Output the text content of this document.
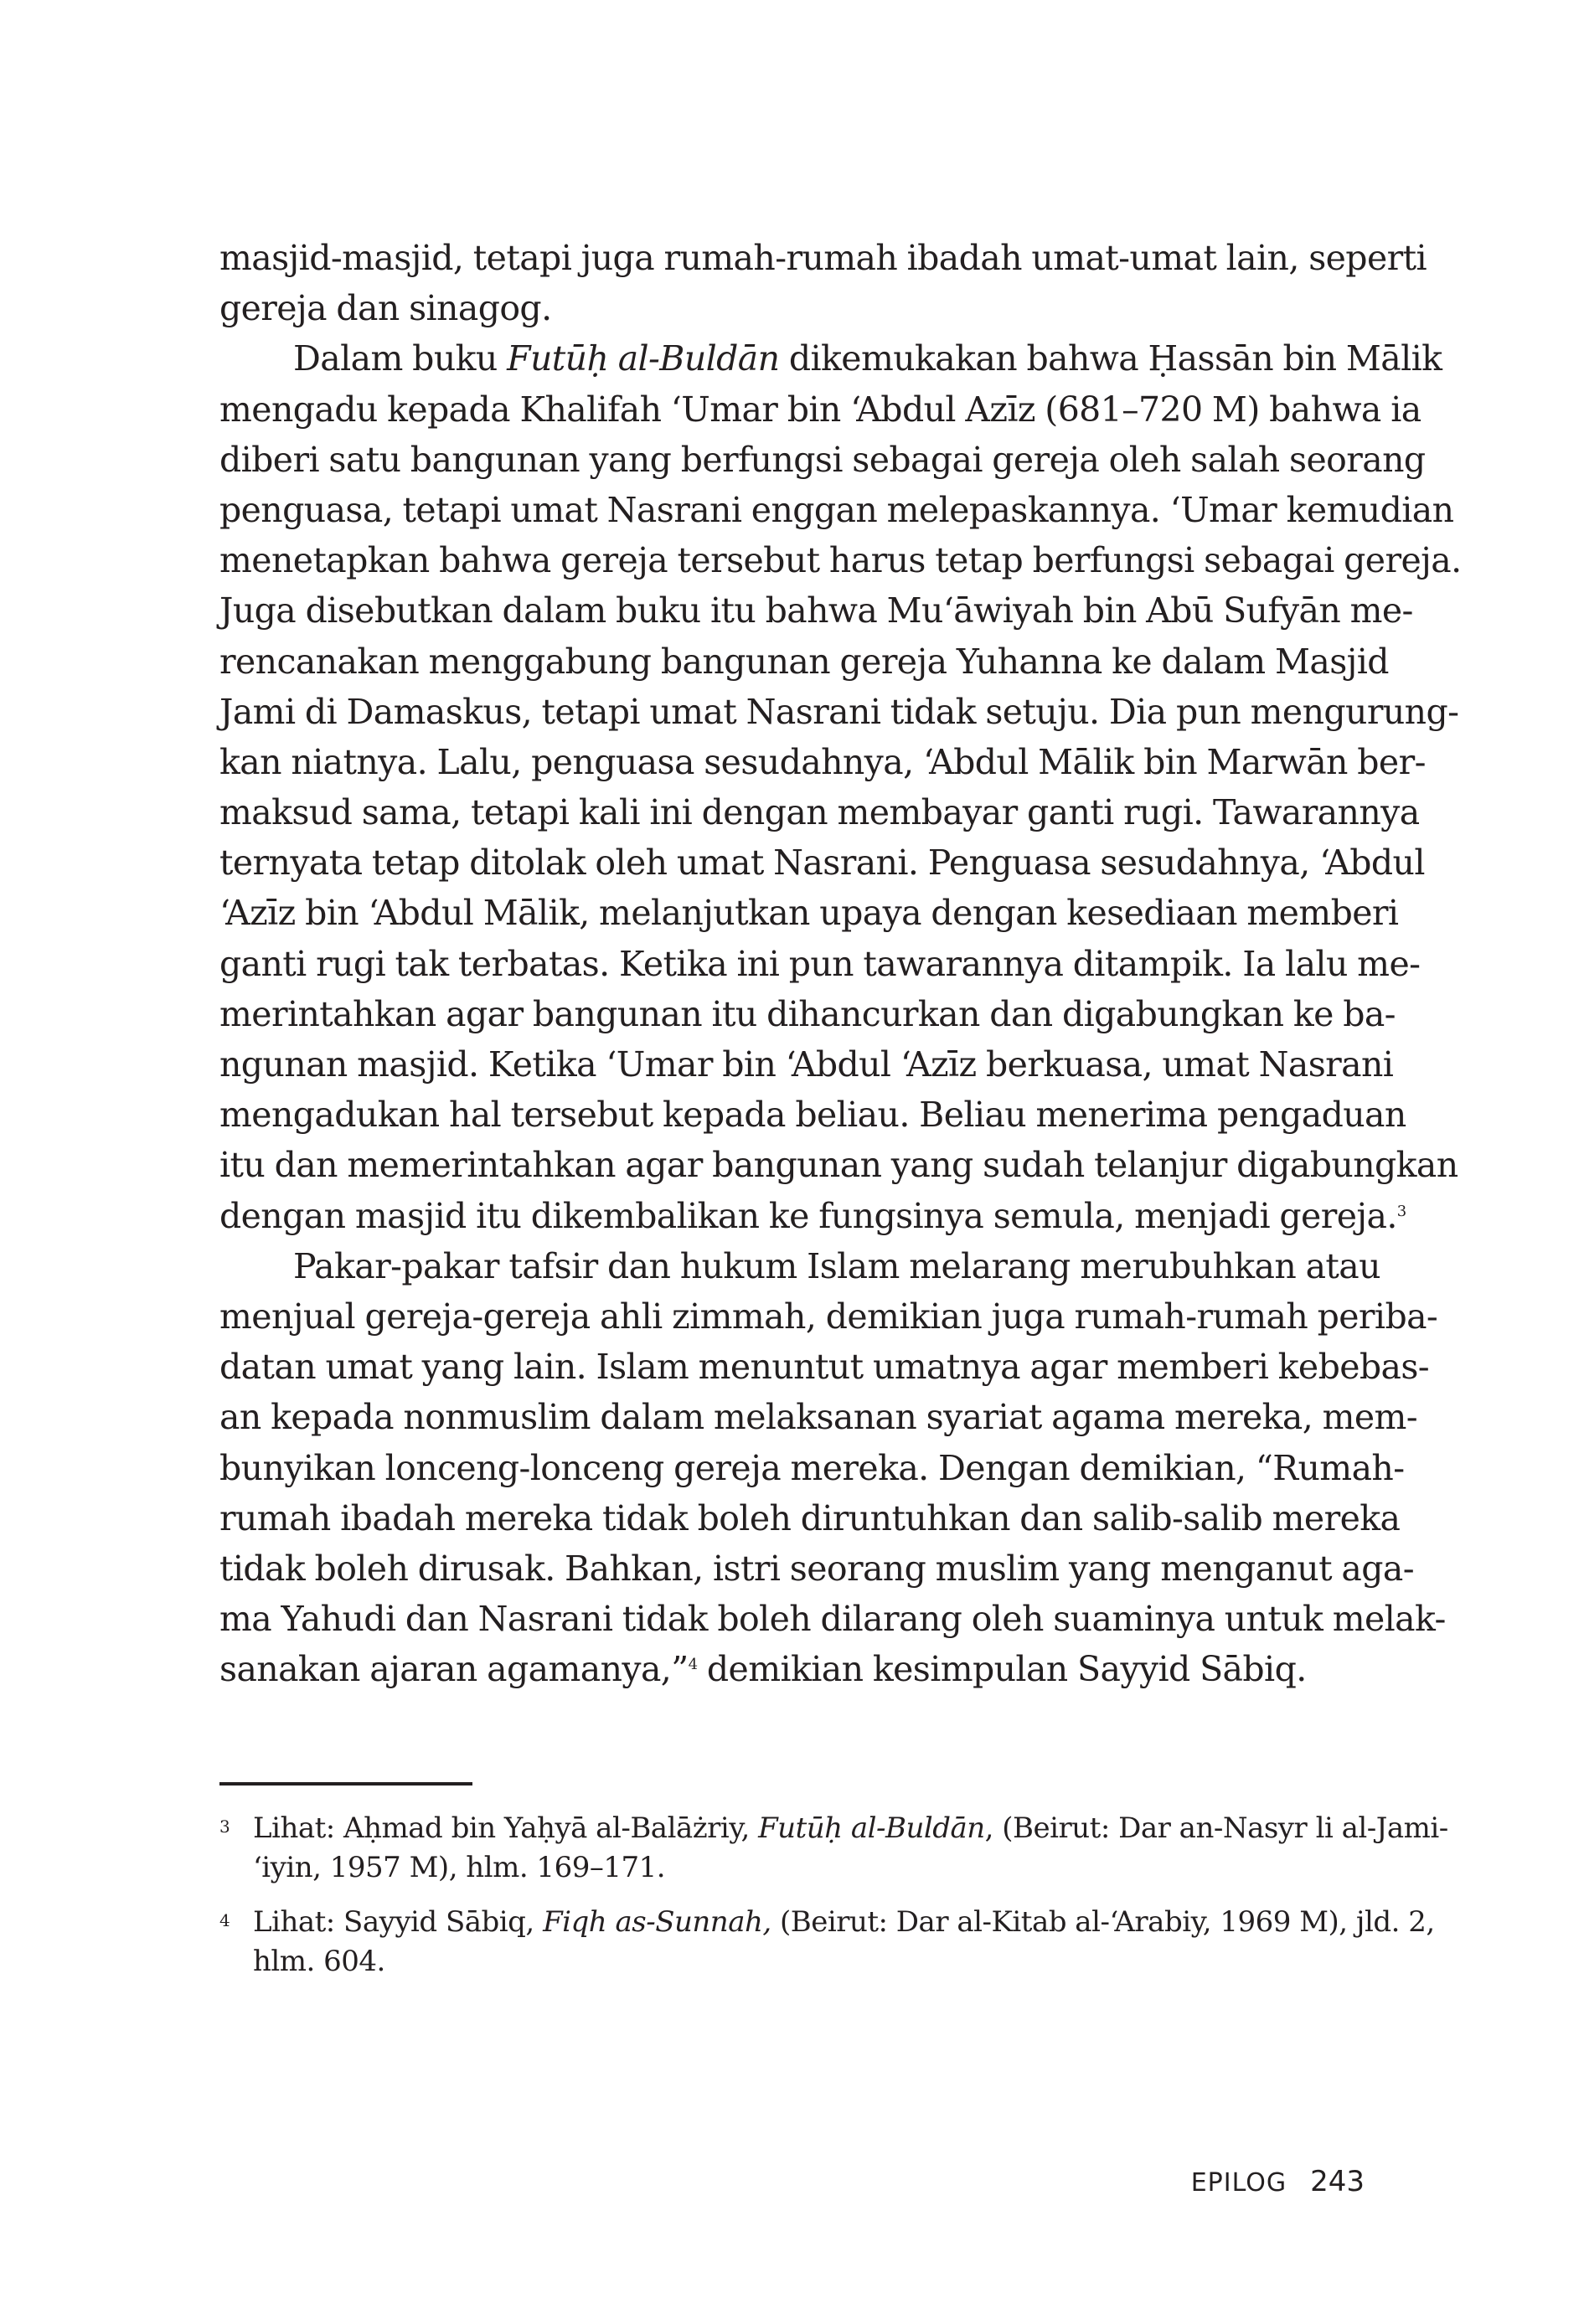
masjid-masjid, tetapi juga rumah-rumah ibadah umat-umat lain, seperti
gereja dan sinagog.
Dalam buku Futūḥ al-Buldān dikemukakan bahwa Ḥassān bin Mālik
mengadu kepada Khalifah ‘Umar bin ‘Abdul Azīz (681–720 M) bahwa ia
diberi satu bangunan yang berfungsi sebagai gereja oleh salah seorang
penguasa, tetapi umat Nasrani enggan melepaskannya. ‘Umar kemudian
menetapkan bahwa gereja tersebut harus tetap berfungsi sebagai gereja.
Juga disebutkan dalam buku itu bahwa Mu‘āwiyah bin Abū Sufyān me-
rencanakan menggabung bangunan gereja Yuhanna ke dalam Masjid
Jami di Damaskus, tetapi umat Nasrani tidak setuju. Dia pun mengurung-
kan niatnya. Lalu, penguasa sesudahnya, ‘Abdul Mālik bin Marwān ber-
maksud sama, tetapi kali ini dengan membayar ganti rugi. Tawarannya
ternyata tetap ditolak oleh umat Nasrani. Penguasa sesudahnya, ‘Abdul
‘Azīz bin ‘Abdul Mālik, melanjutkan upaya dengan kesediaan memberi
ganti rugi tak terbatas. Ketika ini pun tawarannya ditampik. Ia lalu me-
merintahkan agar bangunan itu dihancurkan dan digabungkan ke ba-
ngunan masjid. Ketika ‘Umar bin ‘Abdul ‘Azīz berkuasa, umat Nasrani
mengadukan hal tersebut kepada beliau. Beliau menerima pengaduan
itu dan memerintahkan agar bangunan yang sudah telanjur digabungkan
dengan masjid itu dikembalikan ke fungsinya semula, menjadi gereja.$^3$
Pakar-pakar tafsir dan hukum Islam melarang merubuhkan atau
menjual gereja-gereja ahli zimmah, demikian juga rumah-rumah periba-
datan umat yang lain. Islam menuntut umatnya agar memberi kebebas-
an kepada nonmuslim dalam melaksanan syariat agama mereka, mem-
bunyikan lonceng-lonceng gereja mereka. Dengan demikian, “Rumah-
rumah ibadah mereka tidak boleh diruntuhkan dan salib-salib mereka
tidak boleh dirusak. Bahkan, istri seorang muslim yang menganut aga-
ma Yahudi dan Nasrani tidak boleh dilarang oleh suaminya untuk melak-
sanakan ajaran agamanya,”$^4$ demikian kesimpulan Sayyid Sābiq.
3 Lihat: Aḥmad bin Yaḥyā al-Balāżriy, Futūḥ al-Buldān, (Beirut: Dar an-Nasyr li al-Jami-
‘iyin, 1957 M), hlm. 169–171.
4 Lihat: Sayyid Sābiq, Fiqh as-Sunnah, (Beirut: Dar al-Kitab al-‘Arabiy, 1969 M), jld. 2,
hlm. 604.
EPILOG 243
